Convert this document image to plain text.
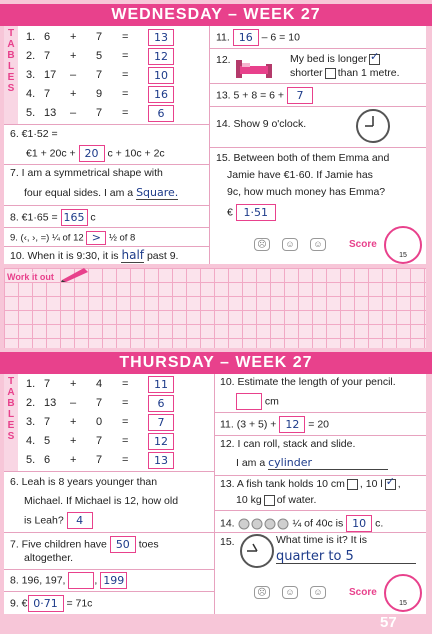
WEDNESDAY – WEEK 27
T
A
B
L
E
S
1. 6 + 7 = 13
2. 7 + 5 = 12
3. 17 – 7 = 10
4. 7 + 9 = 16
5. 13 – 7 =	6
6. €1·52 =
€1 + 20c + 20 c + 10c + 2c
7. I am a symmetrical shape with
four equal sides. I am a Square.
8. €1·65 = 165 c
9. (‹, ›, =) ¼ of 12 > ½ of 8
10. When it is 9:30, it is half past 9.
11. 16 – 6 = 10
12.	My bed is longer ✓
shorter than 1 metre.
13. 5 + 8 = 6 + 7
14. Show 9 o'clock.
15. Between both of them Emma and
Jamie have €1·60. If Jamie has
9c, how much money has Emma?
€ 1·51
☹	☺	☺	Score
15
Work it out
THURSDAY – WEEK 27
T
A
B
L
E
S
1. 7 + 4 = 11
2. 13 – 7 =	6
3. 7 + 0 =	7
4. 5 + 7 = 12
5. 6 + 7 = 13
6. Leah is 8 years younger than
Michael. If Michael is 12, how old
is Leah? 4
7. Five children have 50 toes
altogether.
8. 196, 197,	, 199
9. € 0·71 = 71c
10. Estimate the length of your pencil.
cm
11. (3 + 5) + 12 = 20
12. I can roll, stack and slide.
I am a cylinder
13. A fish tank holds 10 cm , 10 l ✓ ,
10 kg of water.
14.	¼ of 40c is 10 c.
15.	What time is it? It is
quarter to 5
☹	☺	☺	Score
15
57
